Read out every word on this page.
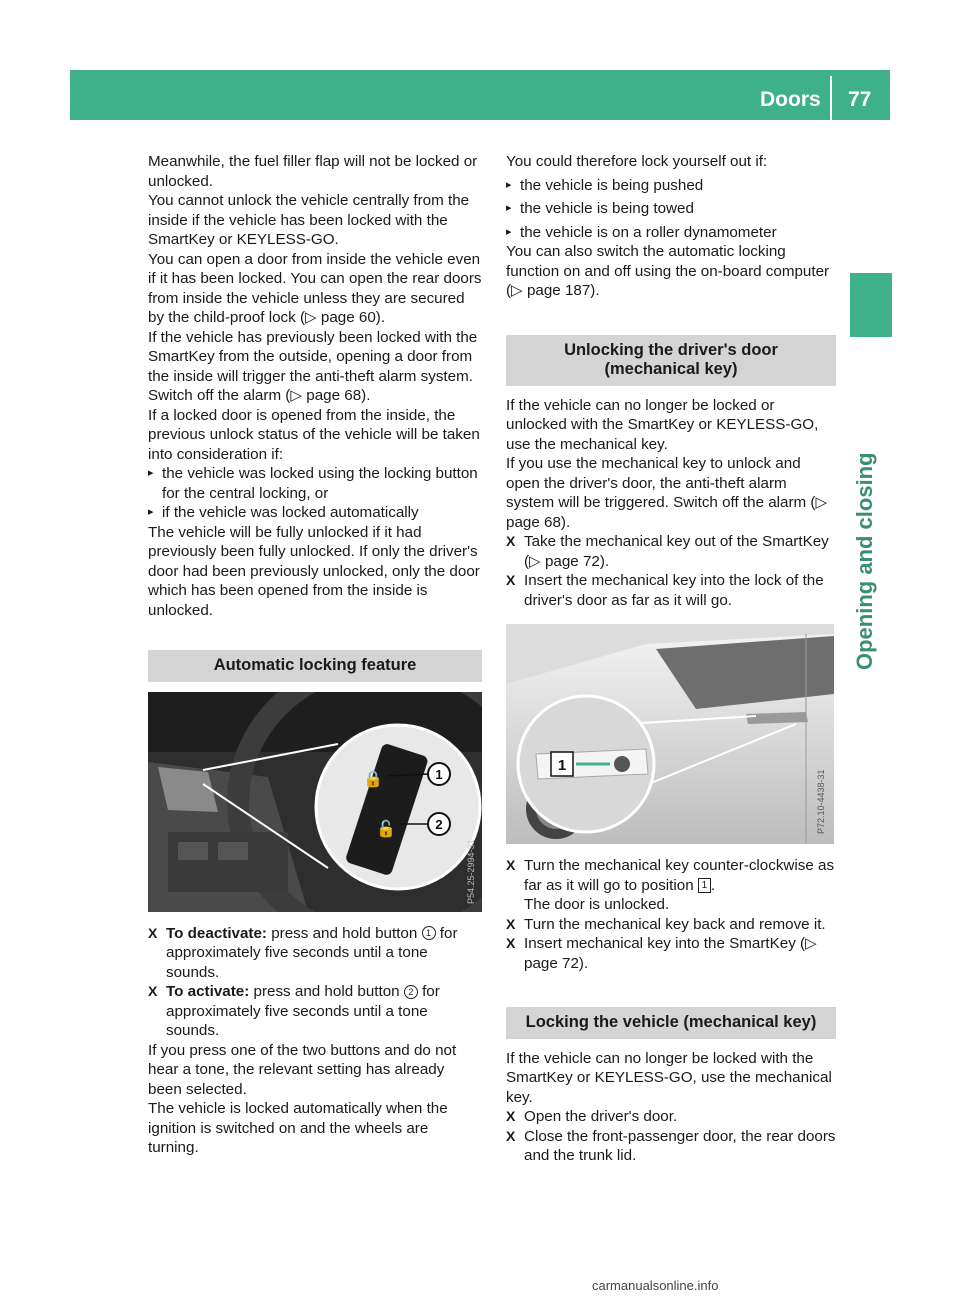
Doors 77
Opening and closing

Meanwhile, the fuel filler flap will not be locked or unlocked.

You cannot unlock the vehicle centrally from the inside if the vehicle has been locked with the SmartKey or KEYLESS-GO.

You can open a door from inside the vehicle even if it has been locked. You can open the rear doors from inside the vehicle unless they are secured by the child-proof lock (▷ page 60).

If the vehicle has previously been locked with the SmartKey from the outside, opening a door from the inside will trigger the anti-theft alarm system. Switch off the alarm (▷ page 68).

If a locked door is opened from the inside, the previous unlock status of the vehicle will be taken into consideration if:

▸ the vehicle was locked using the locking button for the central locking, or

▸ if the vehicle was locked automatically

The vehicle will be fully unlocked if it had previously been fully unlocked. If only the driver's door had been previously unlocked, only the door which has been opened from the inside is unlocked.

Automatic locking feature
🔒
🔓
1
2
P54.25-2994-31

X To deactivate: press and hold button 1 for approximately five seconds until a tone sounds.

X To activate: press and hold button 2 for approximately five seconds until a tone sounds.

If you press one of the two buttons and do not hear a tone, the relevant setting has already been selected.

The vehicle is locked automatically when the ignition is switched on and the wheels are turning.

You could therefore lock yourself out if:

▸ the vehicle is being pushed

▸ the vehicle is being towed

▸ the vehicle is on a roller dynamometer

You can also switch the automatic locking function on and off using the on-board computer (▷ page 187).

Unlocking the driver's door (mechanical key)

If the vehicle can no longer be locked or unlocked with the SmartKey or KEYLESS-GO, use the mechanical key.

If you use the mechanical key to unlock and open the driver's door, the anti-theft alarm system will be triggered. Switch off the alarm (▷ page 68).

X Take the mechanical key out of the SmartKey (▷ page 72).

X Insert the mechanical key into the lock of the driver's door as far as it will go.

1
P72.10-4438-31

X Turn the mechanical key counter-clockwise as far as it will go to position 1 .
The door is unlocked.

X Turn the mechanical key back and remove it.

X Insert mechanical key into the SmartKey (▷ page 72).

Locking the vehicle (mechanical key)

If the vehicle can no longer be locked with the SmartKey or KEYLESS-GO, use the mechanical key.

X Open the driver's door.

X Close the front-passenger door, the rear doors and the trunk lid.

carmanualsonline.info
